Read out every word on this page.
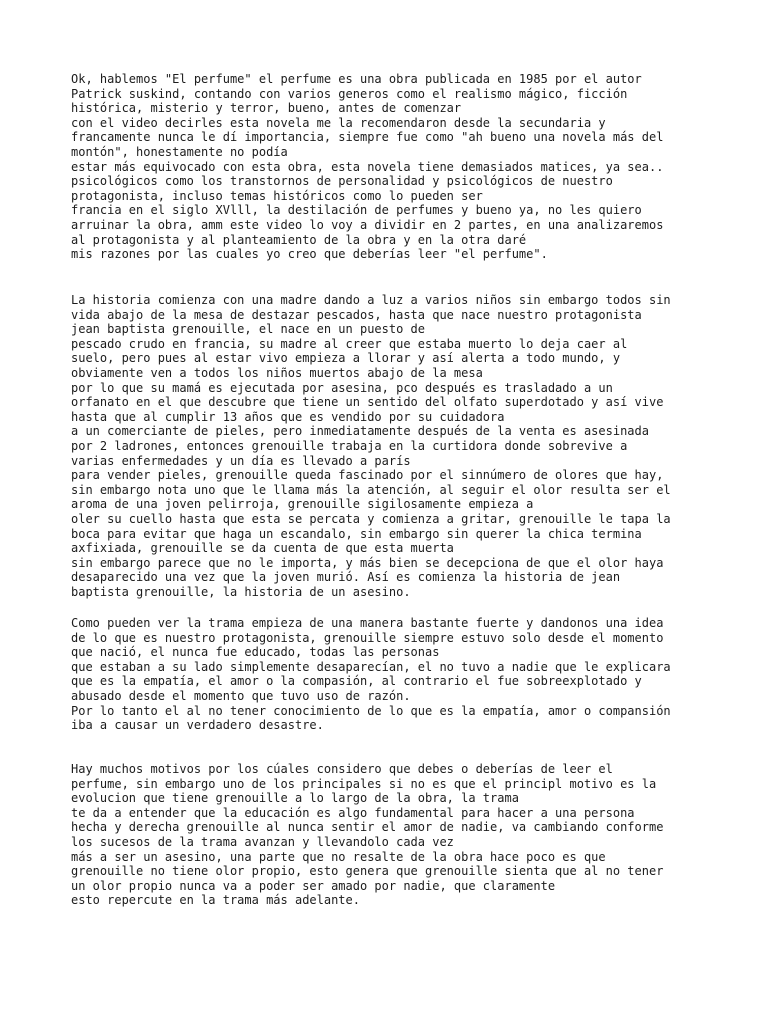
Ok, hablemos "El perfume" el perfume es una obra publicada en 1985 por el autor
Patrick suskind, contando con varios generos como el realismo mágico, ficción
histórica, misterio y terror, bueno, antes de comenzar
con el video decirles esta novela me la recomendaron desde la secundaria y
francamente nunca le dí importancia, siempre fue como "ah bueno una novela más del
montón", honestamente no podía
estar más equivocado con esta obra, esta novela tiene demasiados matices, ya sea..
psicológicos como los transtornos de personalidad y psicológicos de nuestro
protagonista, incluso temas históricos como lo pueden ser
francia en el siglo XVlll, la destilación de perfumes y bueno ya, no les quiero
arruinar la obra, amm este video lo voy a dividir en 2 partes, en una analizaremos
al protagonista y al planteamiento de la obra y en la otra daré
mis razones por las cuales yo creo que deberías leer "el perfume".
La historia comienza con una madre dando a luz a varios niños sin embargo todos sin
vida abajo de la mesa de destazar pescados, hasta que nace nuestro protagonista
jean baptista grenouille, el nace en un puesto de
pescado crudo en francia, su madre al creer que estaba muerto lo deja caer al
suelo, pero pues al estar vivo empieza a llorar y así alerta a todo mundo, y
obviamente ven a todos los niños muertos abajo de la mesa
por lo que su mamá es ejecutada por asesina, pco después es trasladado a un
orfanato en el que descubre que tiene un sentido del olfato superdotado y así vive
hasta que al cumplir 13 años que es vendido por su cuidadora
a un comerciante de pieles, pero inmediatamente después de la venta es asesinada
por 2 ladrones, entonces grenouille trabaja en la curtidora donde sobrevive a
varias enfermedades y un día es llevado a parís
para vender pieles, grenouille queda fascinado por el sinnúmero de olores que hay,
sin embargo nota uno que le llama más la atención, al seguir el olor resulta ser el
aroma de una joven pelirroja, grenouille sigilosamente empieza a
oler su cuello hasta que esta se percata y comienza a gritar, grenouille le tapa la
boca para evitar que haga un escandalo, sin embargo sin querer la chica termina
axfixiada, grenouille se da cuenta de que esta muerta
sin embargo parece que no le importa, y más bien se decepciona de que el olor haya
desaparecido una vez que la joven murió. Así es comienza la historia de jean
baptista grenouille, la historia de un asesino.
Como pueden ver la trama empieza de una manera bastante fuerte y dandonos una idea
de lo que es nuestro protagonista, grenouille siempre estuvo solo desde el momento
que nació, el nunca fue educado, todas las personas
que estaban a su lado simplemente desaparecían, el no tuvo a nadie que le explicara
que es la empatía, el amor o la compasión, al contrario el fue sobreexplotado y
abusado desde el momento que tuvo uso de razón.
Por lo tanto el al no tener conocimiento de lo que es la empatía, amor o compansión
iba a causar un verdadero desastre.
Hay muchos motivos por los cúales considero que debes o deberías de leer el
perfume, sin embargo uno de los principales si no es que el principl motivo es la
evolucion que tiene grenouille a lo largo de la obra, la trama
te da a entender que la educación es algo fundamental para hacer a una persona
hecha y derecha grenouille al nunca sentir el amor de nadie, va cambiando conforme
los sucesos de la trama avanzan y llevandolo cada vez
más a ser un asesino, una parte que no resalte de la obra hace poco es que
grenouille no tiene olor propio, esto genera que grenouille sienta que al no tener
un olor propio nunca va a poder ser amado por nadie, que claramente
esto repercute en la trama más adelante.
